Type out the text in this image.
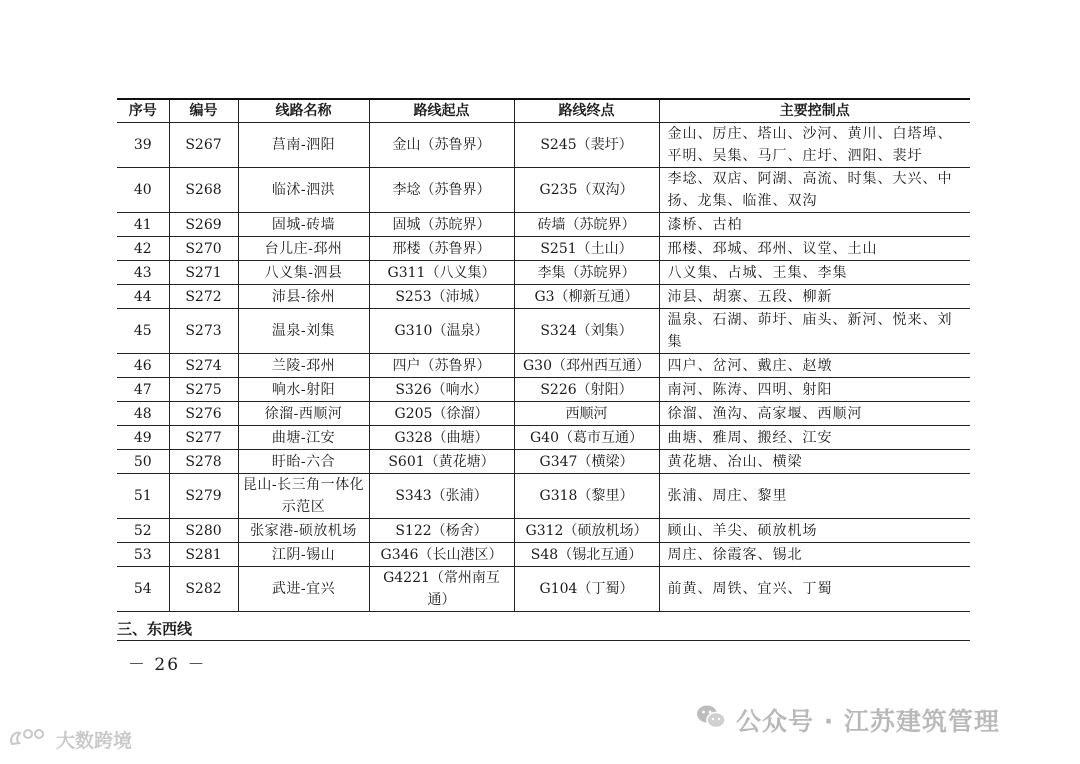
序号	编号	线路名称	路线起点	路线终点	主要控制点
39	S267	莒南-泗阳	金山（苏鲁界）	S245（裴圩）	金山、厉庄、塔山、沙河、黄川、白塔埠、平明、吴集、马厂、庄圩、泗阳、裴圩
40	S268	临沭-泗洪	李埝（苏鲁界）	G235（双沟）	李埝、双店、阿湖、高流、时集、大兴、中扬、龙集、临淮、双沟
41	S269	固城-砖墙	固城（苏皖界）	砖墙（苏皖界）	漆桥、古柏
42	S270	台儿庄-邳州	邢楼（苏鲁界）	S251（土山）	邢楼、邳城、邳州、议堂、土山
43	S271	八义集-泗县	G311（八义集）	李集（苏皖界）	八义集、占城、王集、李集
44	S272	沛县-徐州	S253（沛城）	G3（柳新互通）	沛县、胡寨、五段、柳新
45	S273	温泉-刘集	G310（温泉）	S324（刘集）	温泉、石湖、茆圩、庙头、新河、悦来、刘集
46	S274	兰陵-邳州	四户（苏鲁界）	G30（邳州西互通）	四户、岔河、戴庄、赵墩
47	S275	响水-射阳	S326（响水）	S226（射阳）	南河、陈涛、四明、射阳
48	S276	徐溜-西顺河	G205（徐溜）	西顺河	徐溜、渔沟、高家堰、西顺河
49	S277	曲塘-江安	G328（曲塘）	G40（葛市互通）	曲塘、雅周、搬经、江安
50	S278	盱眙-六合	S601（黄花塘）	G347（横梁）	黄花塘、冶山、横梁
51	S279	昆山-长三角一体化示范区	S343（张浦）	G318（黎里）	张浦、周庄、黎里
52	S280	张家港-硕放机场	S122（杨舍）	G312（硕放机场）	顾山、羊尖、硕放机场
53	S281	江阴-锡山	G346（长山港区）	S48（锡北互通）	周庄、徐霞客、锡北
54	S282	武进-宜兴	G4221（常州南互通）	G104（丁蜀）	前黄、周铁、宜兴、丁蜀
三、东西线
－ 26 －
公众号 · 江苏建筑管理
大数跨境
